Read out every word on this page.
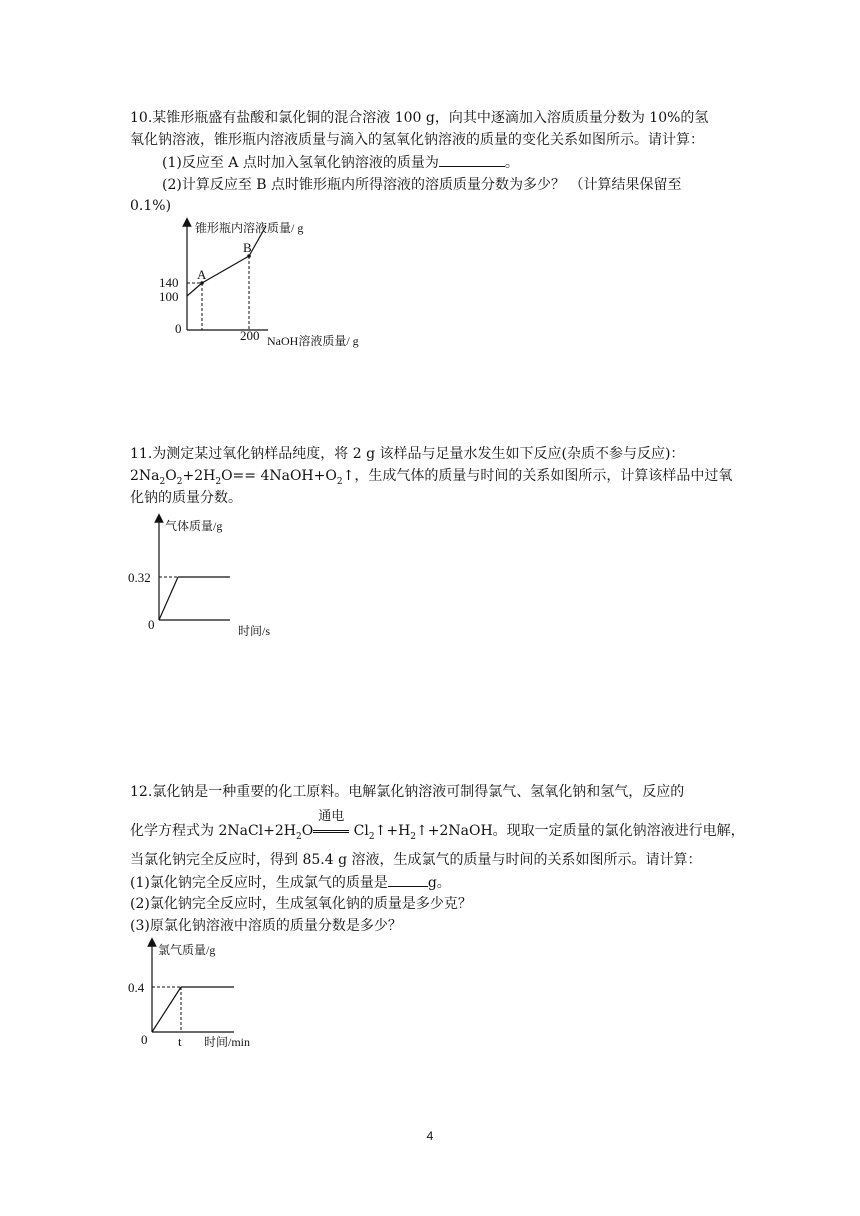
10.某锥形瓶盛有盐酸和氯化铜的混合溶液 100 g，向其中逐滴加入溶质质量分数为 10%的氢
氧化钠溶液，锥形瓶内溶液质量与滴入的氢氧化钠溶液的质量的变化关系如图所示。请计算：
(1)反应至 A 点时加入氢氧化钠溶液的质量为	。
(2)计算反应至 B 点时锥形瓶内所得溶液的溶质质量分数为多少？ （计算结果保留至
0.1%)
锥形瓶内溶液质量/ g
140
100
0	200 NaOH溶液质量/ g
A
B
11.为测定某过氧化钠样品纯度，将 2 g 该样品与足量水发生如下反应(杂质不参与反应)：
$2Na_2O_2+2H_2O==$ $4NaOH+O_2↑$，生成气体的质量与时间的关系如图所示，计算该样品中过氧
化钠的质量分数。
气体质量/g
0.32
0	时间/s
12.氯化钠是一种重要的化工原料。电解氯化钠溶液可制得氯气、氢氧化钠和氢气，反应的
化学方程式为 $2NaCl+2H_2O$
通电
$Cl_2↑+H_2↑+2NaOH$。现取一定质量的氯化钠溶液进行电解，
当氯化钠完全反应时，得到 85.4 g 溶液，生成氯气的质量与时间的关系如图所示。请计算：
(1)氯化钠完全反应时，生成氯气的质量是	g。
(2)氯化钠完全反应时，生成氢氧化钠的质量是多少克？
(3)原氯化钠溶液中溶质的质量分数是多少？
氯气质量/g
0.4
0 t 时间/min
4
